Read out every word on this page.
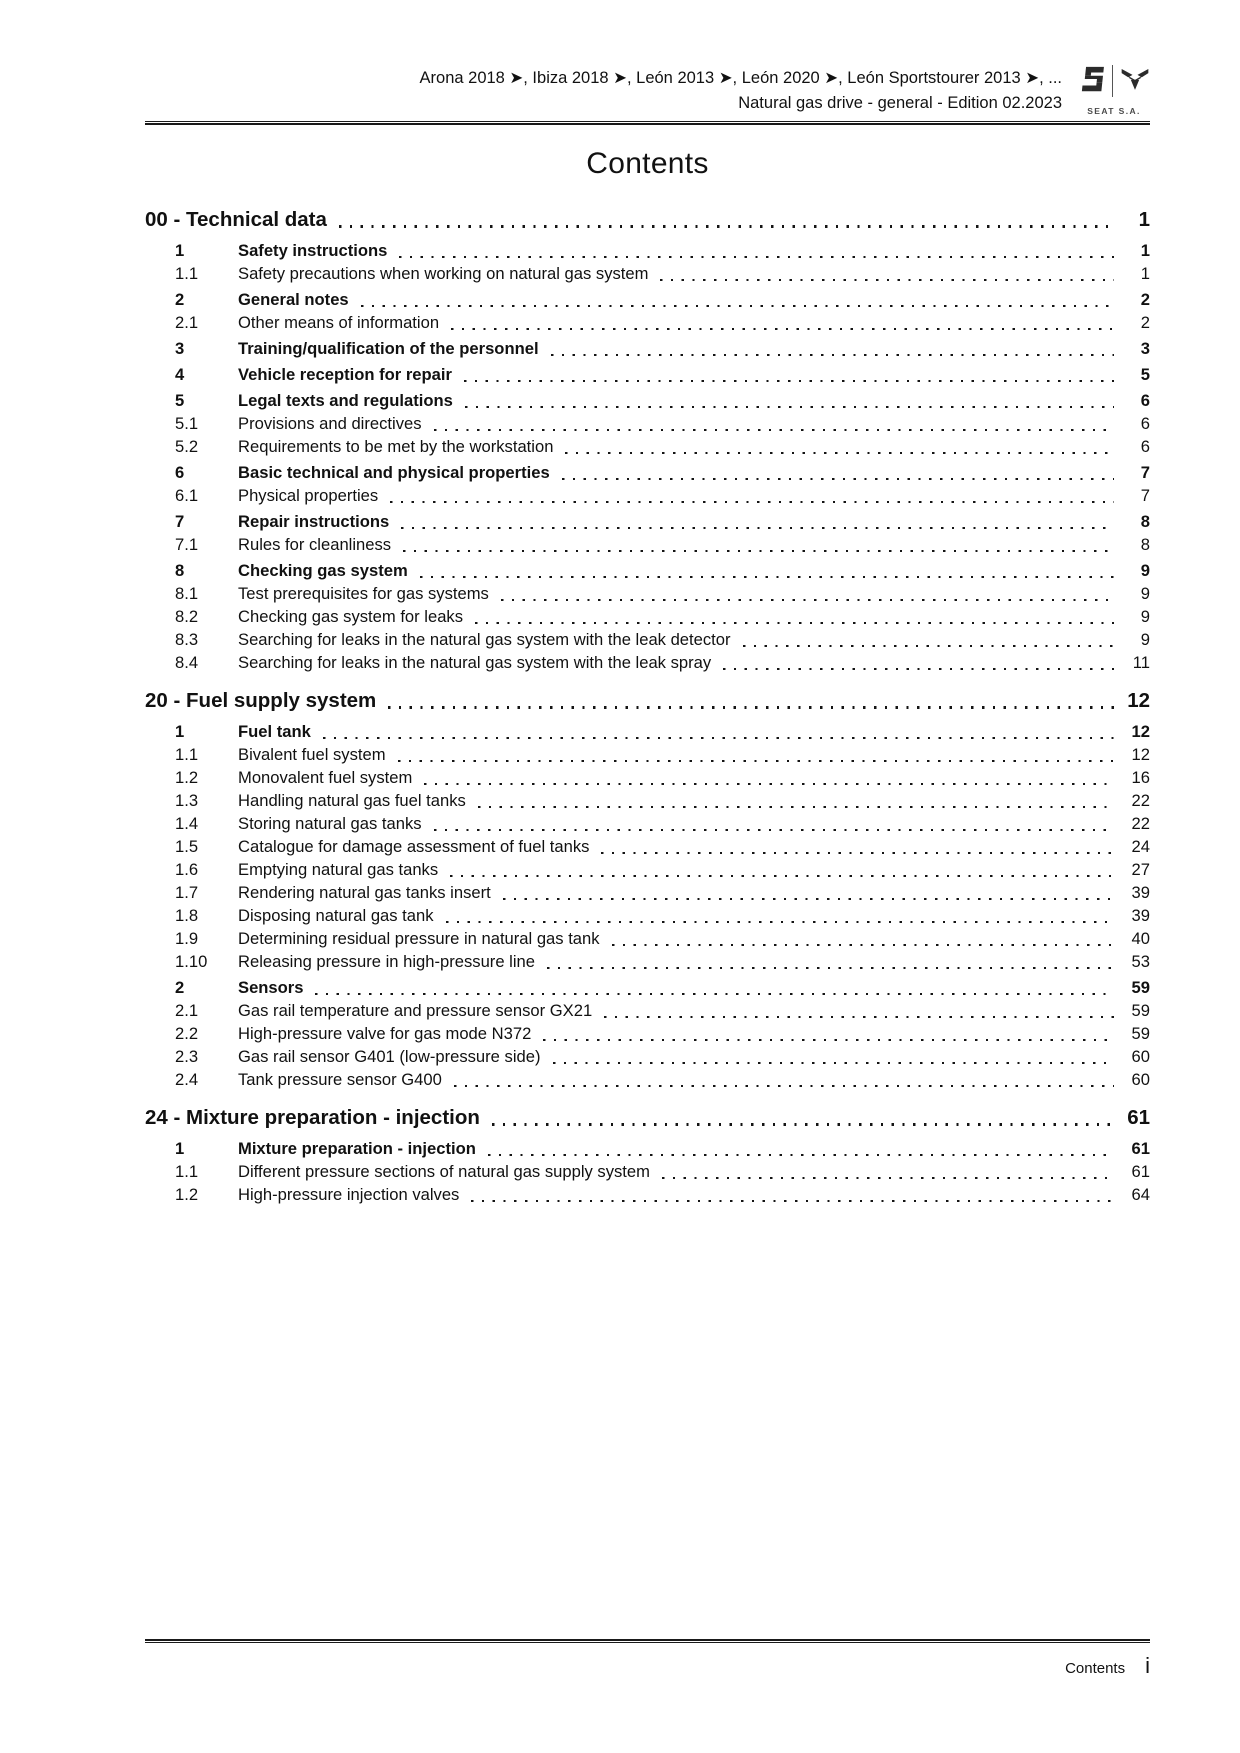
Arona 2018 ➤, Ibiza 2018 ➤, León 2013 ➤, León 2020 ➤, León Sportstourer 2013 ➤, ...
Natural gas drive - general - Edition 02.2023	SEAT S.A.
Contents
00 - Technical data	1
1	Safety instructions	1
1.1	Safety precautions when working on natural gas system	1
2	General notes	2
2.1	Other means of information	2
3	Training/qualification of the personnel	3
4	Vehicle reception for repair	5
5	Legal texts and regulations	6
5.1	Provisions and directives	6
5.2	Requirements to be met by the workstation	6
6	Basic technical and physical properties	7
6.1	Physical properties	7
7	Repair instructions	8
7.1	Rules for cleanliness	8
8	Checking gas system	9
8.1	Test prerequisites for gas systems	9
8.2	Checking gas system for leaks	9
8.3	Searching for leaks in the natural gas system with the leak detector	9
8.4	Searching for leaks in the natural gas system with the leak spray	11
20 - Fuel supply system	12
1	Fuel tank	12
1.1	Bivalent fuel system	12
1.2	Monovalent fuel system	16
1.3	Handling natural gas fuel tanks	22
1.4	Storing natural gas tanks	22
1.5	Catalogue for damage assessment of fuel tanks	24
1.6	Emptying natural gas tanks	27
1.7	Rendering natural gas tanks insert	39
1.8	Disposing natural gas tank	39
1.9	Determining residual pressure in natural gas tank	40
1.10	Releasing pressure in high-pressure line	53
2	Sensors	59
2.1	Gas rail temperature and pressure sensor GX21	59
2.2	High-pressure valve for gas mode N372	59
2.3	Gas rail sensor G401 (low-pressure side)	60
2.4	Tank pressure sensor G400	60
24 - Mixture preparation - injection	61
1	Mixture preparation - injection	61
1.1	Different pressure sections of natural gas supply system	61
1.2	High-pressure injection valves	64
Contents i
